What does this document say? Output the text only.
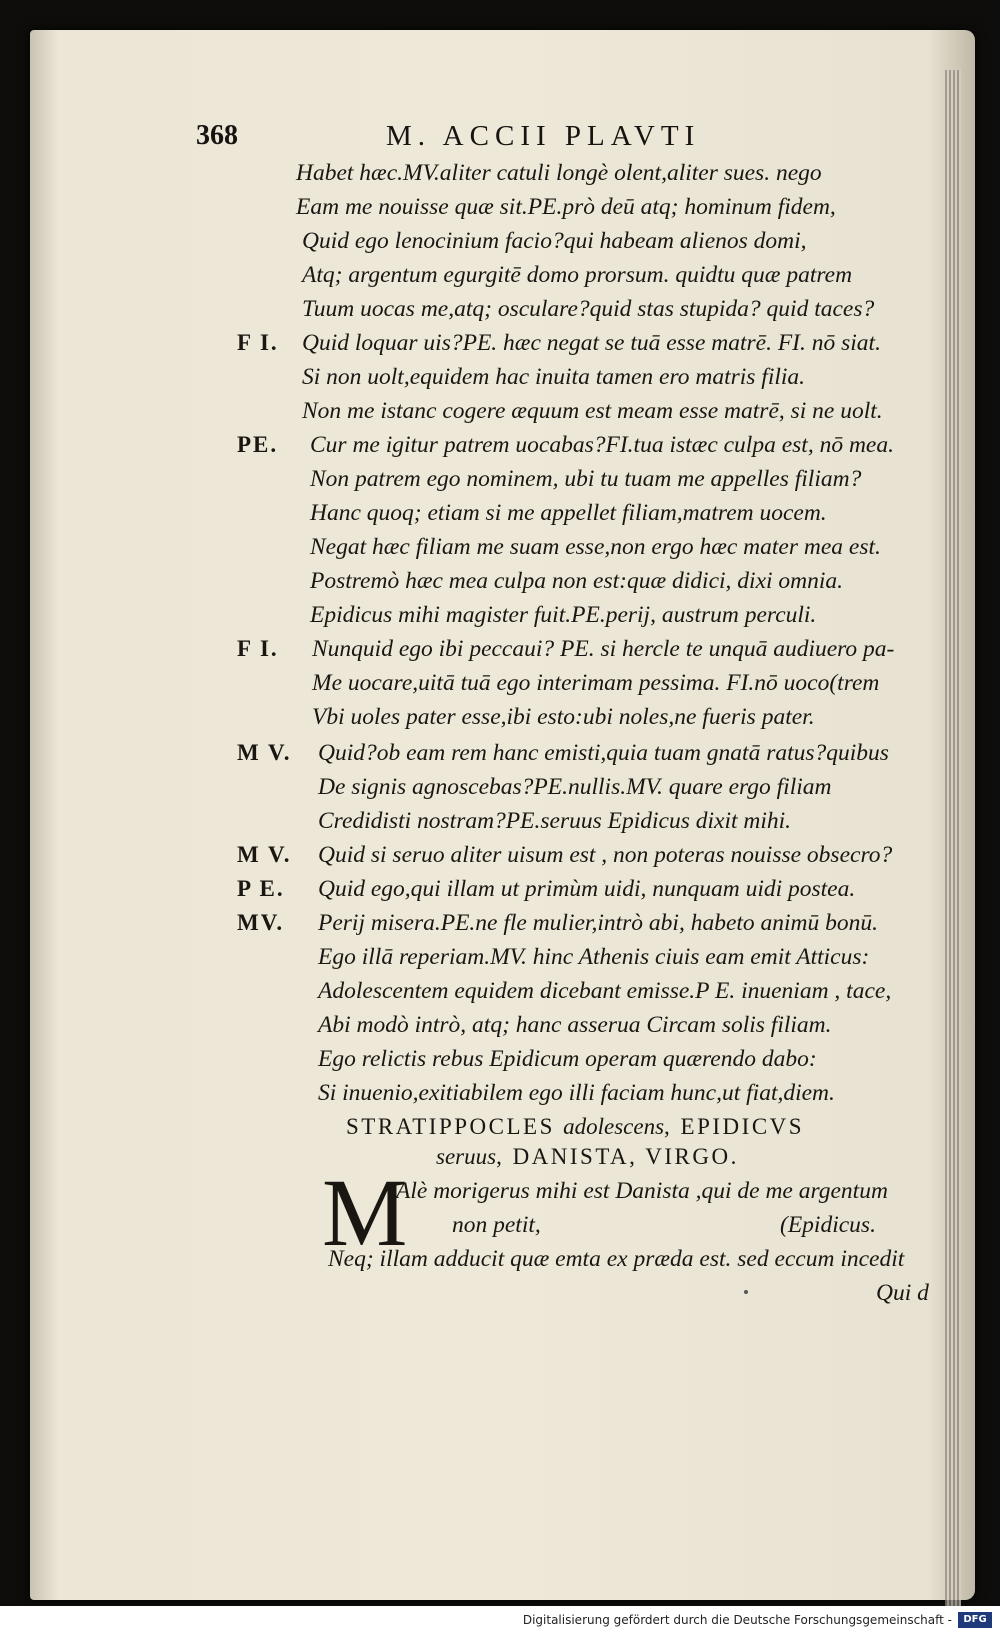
368	M. ACCII PLAVTI
F I.
PE.
F I.
M V.
M V.
P E.
MV.
Habet hæc.MV.aliter catuli longè olent,aliter sues. nego
Eam me nouisse quæ sit.PE.prò deū atq; hominum fidem,
Quid ego lenocinium facio?qui habeam alienos domi,
Atq; argentum egurgitē domo prorsum. quidtu quæ patrem
Tuum uocas me,atq; osculare?quid stas stupida? quid taces?
Quid loquar uis?PE. hæc negat se tuā esse matrē. FI. nō siat.
Si non uolt,equidem hac inuita tamen ero matris filia.
Non me istanc cogere æquum est meam esse matrē, si ne uolt.
Cur me igitur patrem uocabas?FI.tua istæc culpa est, nō mea.
Non patrem ego nominem, ubi tu tuam me appelles filiam?
Hanc quoq; etiam si me appellet filiam,matrem uocem.
Negat hæc filiam me suam esse,non ergo hæc mater mea est.
Postremò hæc mea culpa non est:quæ didici, dixi omnia.
Epidicus mihi magister fuit.PE.perij, austrum perculi.
Nunquid ego ibi peccaui? PE. si hercle te unquā audiuero pa-
Me uocare,uitā tuā ego interimam pessima. FI.nō uoco(trem
Vbi uoles pater esse,ibi esto:ubi noles,ne fueris pater.
Quid?ob eam rem hanc emisti,quia tuam gnatā ratus?quibus
De signis agnoscebas?PE.nullis.MV. quare ergo filiam
Credidisti nostram?PE.seruus Epidicus dixit mihi.
Quid si seruo aliter uisum est , non poteras nouisse obsecro?
Quid ego,qui illam ut primùm uidi, nunquam uidi postea.
Perij misera.PE.ne fle mulier,intrò abi, habeto animū bonū.
Ego illā reperiam.MV. hinc Athenis ciuis eam emit Atticus:
Adolescentem equidem dicebant emisse.P E. inueniam , tace,
Abi modò intrò, atq; hanc asserua Circam solis filiam.
Ego relictis rebus Epidicum operam quærendo dabo:
Si inuenio,exitiabilem ego illi faciam hunc,ut fiat,diem.
STRATIPPOCLES adolescens, EPIDICVS
seruus, DANISTA, VIRGO.
M
Alè morigerus mihi est Danista ,qui de me argentum
non petit,	(Epidicus.
Neq; illam adducit quæ emta ex præda est. sed eccum incedit
Qui d
Digitalisierung gefördert durch die Deutsche Forschungsgemeinschaft -	DFG
